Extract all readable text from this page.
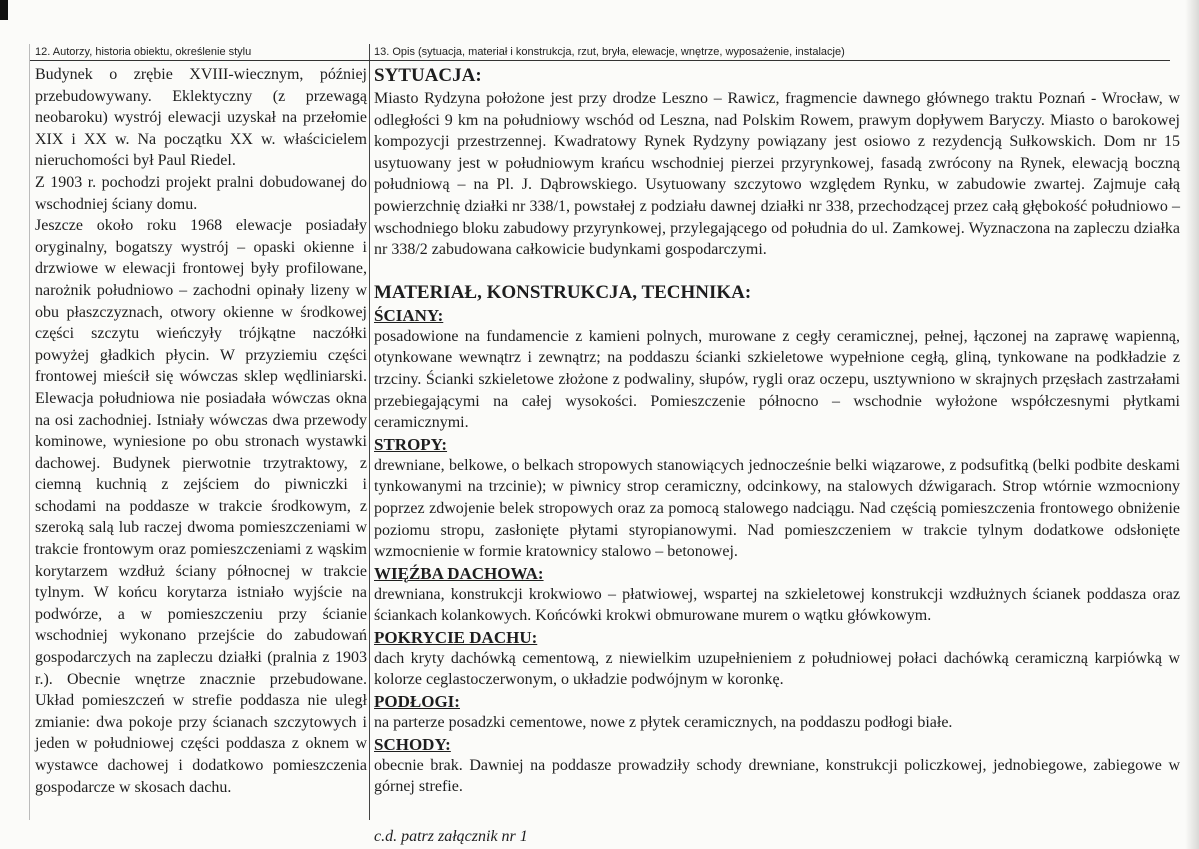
12. Autorzy, historia obiektu, określenie stylu	13. Opis (sytuacja, materiał i konstrukcja, rzut, bryła, elewacje, wnętrze, wyposażenie, instalacje)

Budynek o zrębie XVIII-wiecznym, później przebudowywany. Eklektyczny (z przewagą neobaroku) wystrój elewacji uzyskał na przełomie XIX i XX w. Na początku XX w. właścicielem nieruchomości był Paul Riedel.

Z 1903 r. pochodzi projekt pralni dobudowanej do wschodniej ściany domu.

Jeszcze około roku 1968 elewacje posiadały oryginalny, bogatszy wystrój – opaski okienne i drzwiowe w elewacji frontowej były profilowane, narożnik południowo – zachodni opinały lizeny w obu płaszczyznach, otwory okienne w środkowej części szczytu wieńczyły trójkątne naczółki powyżej gładkich płycin. W przyziemiu części frontowej mieścił się wówczas sklep wędliniarski. Elewacja południowa nie posiadała wówczas okna na osi zachodniej. Istniały wówczas dwa przewody kominowe, wyniesione po obu stronach wystawki dachowej. Budynek pierwotnie trzytraktowy, z ciemną kuchnią z zejściem do piwniczki i schodami na poddasze w trakcie środkowym, z szeroką salą lub raczej dwoma pomieszczeniami w trakcie frontowym oraz pomieszczeniami z wąskim korytarzem wzdłuż ściany północnej w trakcie tylnym. W końcu korytarza istniało wyjście na podwórze, a w pomieszczeniu przy ścianie wschodniej wykonano przejście do zabudowań gospodarczych na zapleczu działki (pralnia z 1903 r.). Obecnie wnętrze znacznie przebudowane. Układ pomieszczeń w strefie poddasza nie uległ zmianie: dwa pokoje przy ścianach szczytowych i jeden w południowej części poddasza z oknem w wystawce dachowej i dodatkowo pomieszczenia gospodarcze w skosach dachu.

SYTUACJA:

Miasto Rydzyna położone jest przy drodze Leszno – Rawicz, fragmencie dawnego głównego traktu Poznań - Wrocław, w odległości 9 km na południowy wschód od Leszna, nad Polskim Rowem, prawym dopływem Baryczy. Miasto o barokowej kompozycji przestrzennej. Kwadratowy Rynek Rydzyny powiązany jest osiowo z rezydencją Sułkowskich. Dom nr 15 usytuowany jest w południowym krańcu wschodniej pierzei przyrynkowej, fasadą zwrócony na Rynek, elewacją boczną południową – na Pl. J. Dąbrowskiego. Usytuowany szczytowo względem Rynku, w zabudowie zwartej. Zajmuje całą powierzchnię działki nr 338/1, powstałej z podziału dawnej działki nr 338, przechodzącej przez całą głębokość południowo – wschodniego bloku zabudowy przyrynkowej, przylegającego od południa do ul. Zamkowej. Wyznaczona na zapleczu działka nr 338/2 zabudowana całkowicie budynkami gospodarczymi.

MATERIAŁ, KONSTRUKCJA, TECHNIKA:

ŚCIANY:

posadowione na fundamencie z kamieni polnych, murowane z cegły ceramicznej, pełnej, łączonej na zaprawę wapienną, otynkowane wewnątrz i zewnątrz; na poddaszu ścianki szkieletowe wypełnione cegłą, gliną, tynkowane na podkładzie z trzciny. Ścianki szkieletowe złożone z podwaliny, słupów, rygli oraz oczepu, usztywniono w skrajnych przęsłach zastrzałami przebiegającymi na całej wysokości. Pomieszczenie północno – wschodnie wyłożone współczesnymi płytkami ceramicznymi.

STROPY:

drewniane, belkowe, o belkach stropowych stanowiących jednocześnie belki wiązarowe, z podsufitką (belki podbite deskami tynkowanymi na trzcinie); w piwnicy strop ceramiczny, odcinkowy, na stalowych dźwigarach. Strop wtórnie wzmocniony poprzez zdwojenie belek stropowych oraz za pomocą stalowego nadciągu. Nad częścią pomieszczenia frontowego obniżenie poziomu stropu, zasłonięte płytami styropianowymi. Nad pomieszczeniem w trakcie tylnym dodatkowe odsłonięte wzmocnienie w formie kratownicy stalowo – betonowej.

WIĘŹBA DACHOWA:

drewniana, konstrukcji krokwiowo – płatwiowej, wspartej na szkieletowej konstrukcji wzdłużnych ścianek poddasza oraz ściankach kolankowych. Końcówki krokwi obmurowane murem o wątku główkowym.

POKRYCIE DACHU:

dach kryty dachówką cementową, z niewielkim uzupełnieniem z południowej połaci dachówką ceramiczną karpiówką w kolorze ceglastoczerwonym, o układzie podwójnym w koronkę.

PODŁOGI:

na parterze posadzki cementowe, nowe z płytek ceramicznych, na poddaszu podłogi białe.

SCHODY:

obecnie brak. Dawniej na poddasze prowadziły schody drewniane, konstrukcji policzkowej, jednobiegowe, zabiegowe w górnej strefie.

c.d. patrz załącznik nr 1
